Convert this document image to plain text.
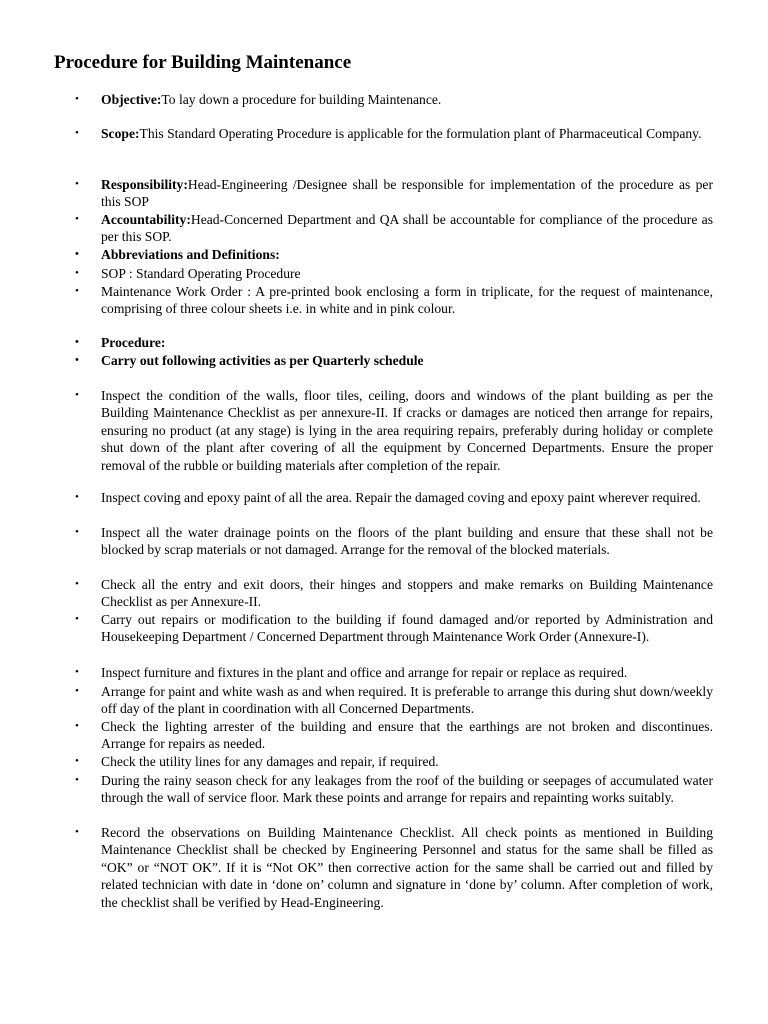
Procedure for Building Maintenance
• Objective:To lay down a procedure for building Maintenance.
• Scope:This Standard Operating Procedure is applicable for the formulation plant of Pharmaceutical Company.
• Responsibility:Head-Engineering /Designee shall be responsible for implementation of the procedure as per this SOP
• Accountability:Head-Concerned Department and QA shall be accountable for compliance of the procedure as per this SOP.
• Abbreviations and Definitions:
• SOP : Standard Operating Procedure
• Maintenance Work Order : A pre-printed book enclosing a form in triplicate, for the request of maintenance, comprising of three colour sheets i.e. in white and in pink colour.
• Procedure:
• Carry out following activities as per Quarterly schedule
• Inspect the condition of the walls, floor tiles, ceiling, doors and windows of the plant building as per the Building Maintenance Checklist as per annexure-II. If cracks or damages are noticed then arrange for repairs, ensuring no product (at any stage) is lying in the area requiring repairs, preferably during holiday or complete shut down of the plant after covering of all the equipment by Concerned Departments. Ensure the proper removal of the rubble or building materials after completion of the repair.
• Inspect coving and epoxy paint of all the area. Repair the damaged coving and epoxy paint wherever required.
• Inspect all the water drainage points on the floors of the plant building and ensure that these shall not be blocked by scrap materials or not damaged. Arrange for the removal of the blocked materials.
• Check all the entry and exit doors, their hinges and stoppers and make remarks on Building Maintenance Checklist as per Annexure-II.
• Carry out repairs or modification to the building if found damaged and/or reported by Administration and Housekeeping Department / Concerned Department through Maintenance Work Order (Annexure-I).
• Inspect furniture and fixtures in the plant and office and arrange for repair or replace as required.
• Arrange for paint and white wash as and when required. It is preferable to arrange this during shut down/weekly off day of the plant in coordination with all Concerned Departments.
• Check the lighting arrester of the building and ensure that the earthings are not broken and discontinues. Arrange for repairs as needed.
• Check the utility lines for any damages and repair, if required.
• During the rainy season check for any leakages from the roof of the building or seepages of accumulated water through the wall of service floor. Mark these points and arrange for repairs and repainting works suitably.
• Record the observations on Building Maintenance Checklist. All check points as mentioned in Building Maintenance Checklist shall be checked by Engineering Personnel and status for the same shall be filled as “OK” or “NOT OK”. If it is “Not OK” then corrective action for the same shall be carried out and filled by related technician with date in ‘done on’ column and signature in ‘done by’ column. After completion of work, the checklist shall be verified by Head-Engineering.
